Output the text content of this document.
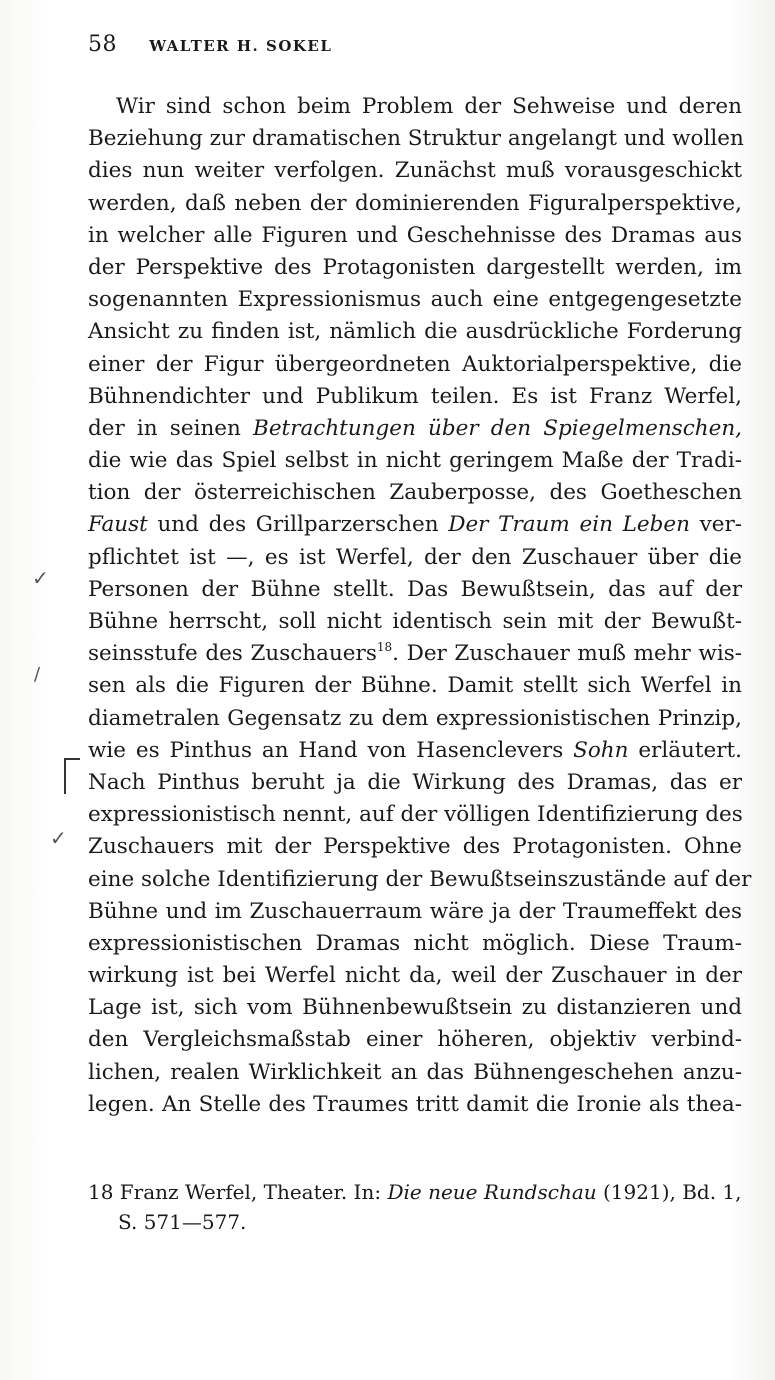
58 WALTER H. SOKEL
Wir sind schon beim Problem der Sehweise und deren
Beziehung zur dramatischen Struktur angelangt und wollen
dies nun weiter verfolgen. Zunächst muß vorausgeschickt
werden, daß neben der dominierenden Figuralperspektive,
in welcher alle Figuren und Geschehnisse des Dramas aus
der Perspektive des Protagonisten dargestellt werden, im
sogenannten Expressionismus auch eine entgegengesetzte
Ansicht zu finden ist, nämlich die ausdrückliche Forderung
einer der Figur übergeordneten Auktorialperspektive, die
Bühnendichter und Publikum teilen. Es ist Franz Werfel,
der in seinen Betrachtungen über den Spiegelmenschen,
die wie das Spiel selbst in nicht geringem Maße der Tradi-
tion der österreichischen Zauberposse, des Goetheschen
Faust und des Grillparzerschen Der Traum ein Leben ver-
pflichtet ist —, es ist Werfel, der den Zuschauer über die
Personen der Bühne stellt. Das Bewußtsein, das auf der
Bühne herrscht, soll nicht identisch sein mit der Bewußt-
seinsstufe des Zuschauers$^{18}$. Der Zuschauer muß mehr wis-
sen als die Figuren der Bühne. Damit stellt sich Werfel in
diametralen Gegensatz zu dem expressionistischen Prinzip,
wie es Pinthus an Hand von Hasenclevers Sohn erläutert.
Nach Pinthus beruht ja die Wirkung des Dramas, das er
expressionistisch nennt, auf der völligen Identifizierung des
Zuschauers mit der Perspektive des Protagonisten. Ohne
eine solche Identifizierung der Bewußtseinszustände auf der
Bühne und im Zuschauerraum wäre ja der Traumeffekt des
expressionistischen Dramas nicht möglich. Diese Traum-
wirkung ist bei Werfel nicht da, weil der Zuschauer in der
Lage ist, sich vom Bühnenbewußtsein zu distanzieren und
den Vergleichsmaßstab einer höheren, objektiv verbind-
lichen, realen Wirklichkeit an das Bühnengeschehen anzu-
legen. An Stelle des Traumes tritt damit die Ironie als thea-
18 Franz Werfel, Theater. In: Die neue Rundschau (1921), Bd. 1,
S. 571—577.
✓
/
✓
